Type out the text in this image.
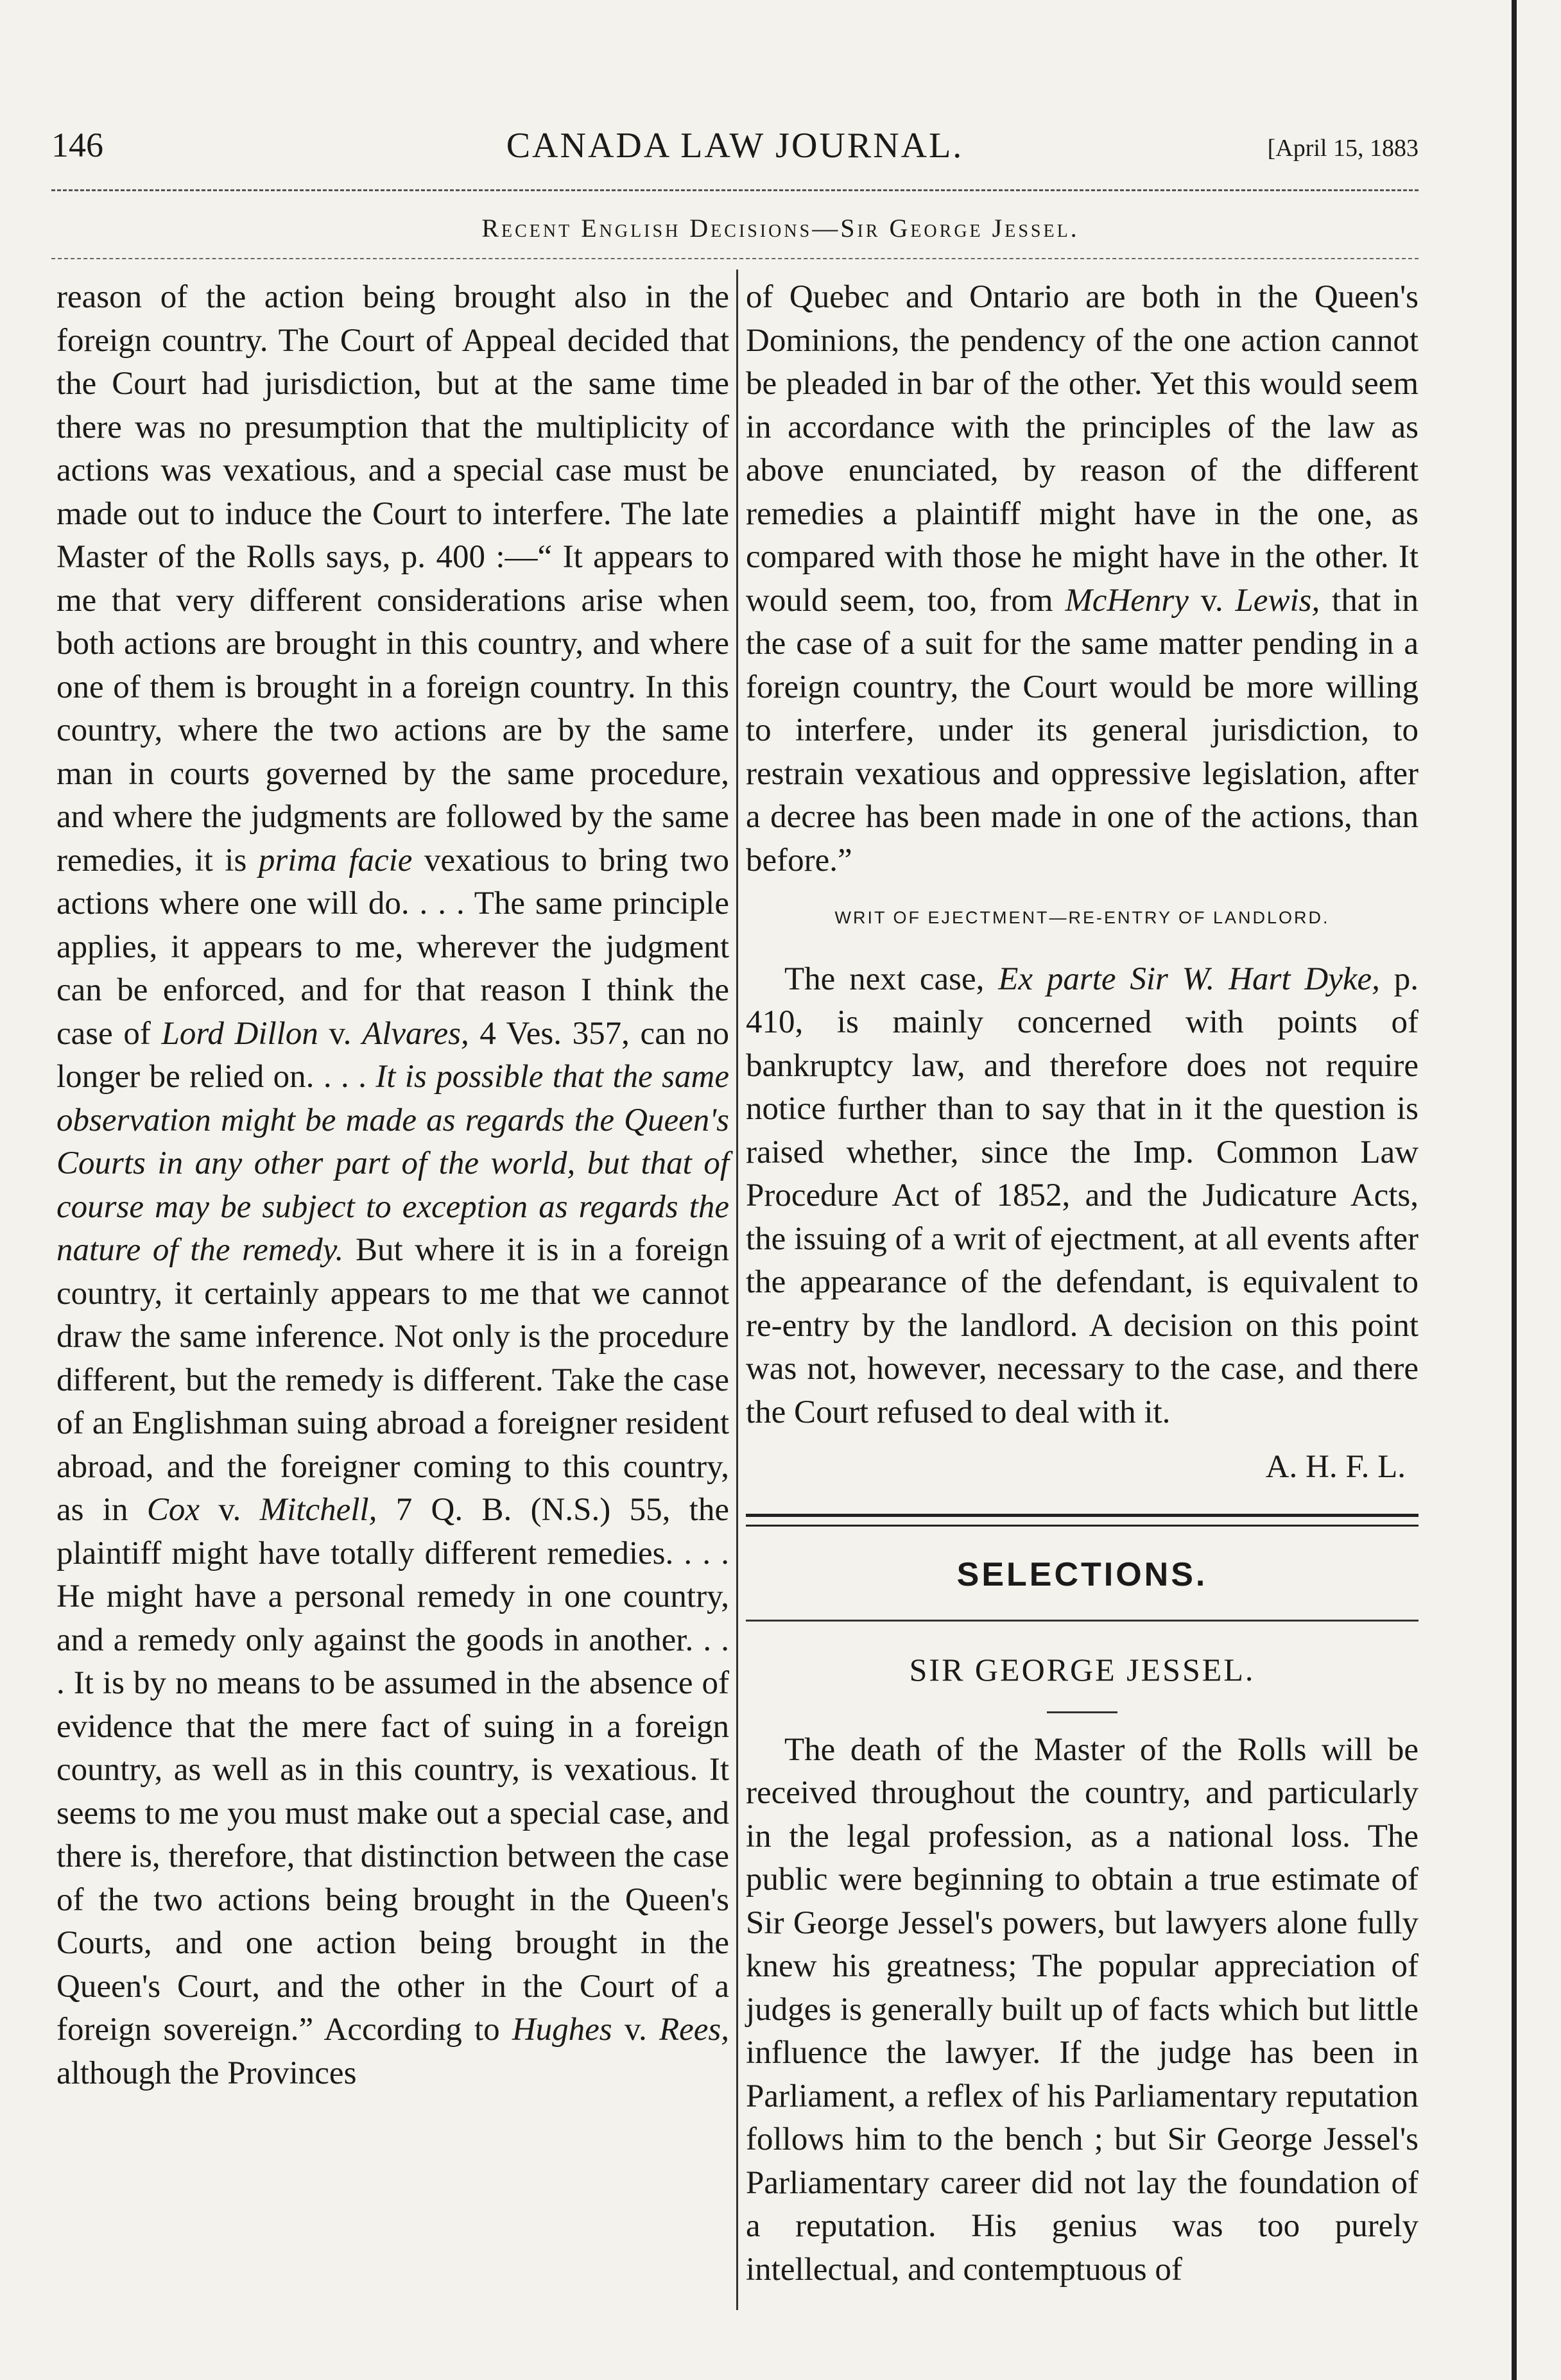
146	CANADA LAW JOURNAL.	[April 15, 1883
Recent English Decisions—Sir George Jessel.

reason of the action being brought also in the foreign country. The Court of Appeal decided that the Court had jurisdiction, but at the same time there was no presumption that the multiplicity of actions was vexatious, and a special case must be made out to induce the Court to interfere. The late Master of the Rolls says, p. 400 :—“ It appears to me that very different considerations arise when both actions are brought in this country, and where one of them is brought in a foreign country. In this country, where the two actions are by the same man in courts governed by the same procedure, and where the judgments are followed by the same remedies, it is prima facie vexatious to bring two actions where one will do. . . . The same principle applies, it appears to me, wherever the judgment can be enforced, and for that reason I think the case of Lord Dillon v. Alvares, 4 Ves. 357, can no longer be relied on. . . . It is possible that the same observation might be made as regards the Queen's Courts in any other part of the world, but that of course may be subject to exception as regards the nature of the remedy. But where it is in a foreign country, it certainly appears to me that we cannot draw the same inference. Not only is the procedure different, but the remedy is different. Take the case of an Englishman suing abroad a foreigner resident abroad, and the foreigner coming to this country, as in Cox v. Mitchell, 7 Q. B. (N.S.) 55, the plaintiff might have totally different remedies. . . . He might have a personal remedy in one country, and a remedy only against the goods in another. . . . It is by no means to be assumed in the absence of evidence that the mere fact of suing in a foreign country, as well as in this country, is vexatious. It seems to me you must make out a special case, and there is, therefore, that distinction between the case of the two actions being brought in the Queen's Courts, and one action being brought in the Queen's Court, and the other in the Court of a foreign sovereign.” According to Hughes v. Rees, although the Provinces

of Quebec and Ontario are both in the Queen's Dominions, the pendency of the one action cannot be pleaded in bar of the other. Yet this would seem in accordance with the principles of the law as above enunciated, by reason of the different remedies a plaintiff might have in the one, as compared with those he might have in the other. It would seem, too, from McHenry v. Lewis, that in the case of a suit for the same matter pending in a foreign country, the Court would be more willing to interfere, under its general jurisdiction, to restrain vexatious and oppressive legislation, after a decree has been made in one of the actions, than before.”

WRIT OF EJECTMENT—RE-ENTRY OF LANDLORD.

The next case, Ex parte Sir W. Hart Dyke, p. 410, is mainly concerned with points of bankruptcy law, and therefore does not require notice further than to say that in it the question is raised whether, since the Imp. Common Law Procedure Act of 1852, and the Judicature Acts, the issuing of a writ of ejectment, at all events after the appearance of the defendant, is equivalent to re-entry by the landlord. A decision on this point was not, however, necessary to the case, and there the Court refused to deal with it.

A. H. F. L.
SELECTIONS.
SIR GEORGE JESSEL.

The death of the Master of the Rolls will be received throughout the country, and particularly in the legal profession, as a national loss. The public were beginning to obtain a true estimate of Sir George Jessel's powers, but lawyers alone fully knew his greatness; The popular appreciation of judges is generally built up of facts which but little influence the lawyer. If the judge has been in Parliament, a reflex of his Parliamentary reputation follows him to the bench ; but Sir George Jessel's Parliamentary career did not lay the foundation of a reputation. His genius was too purely intellectual, and contemptuous of
